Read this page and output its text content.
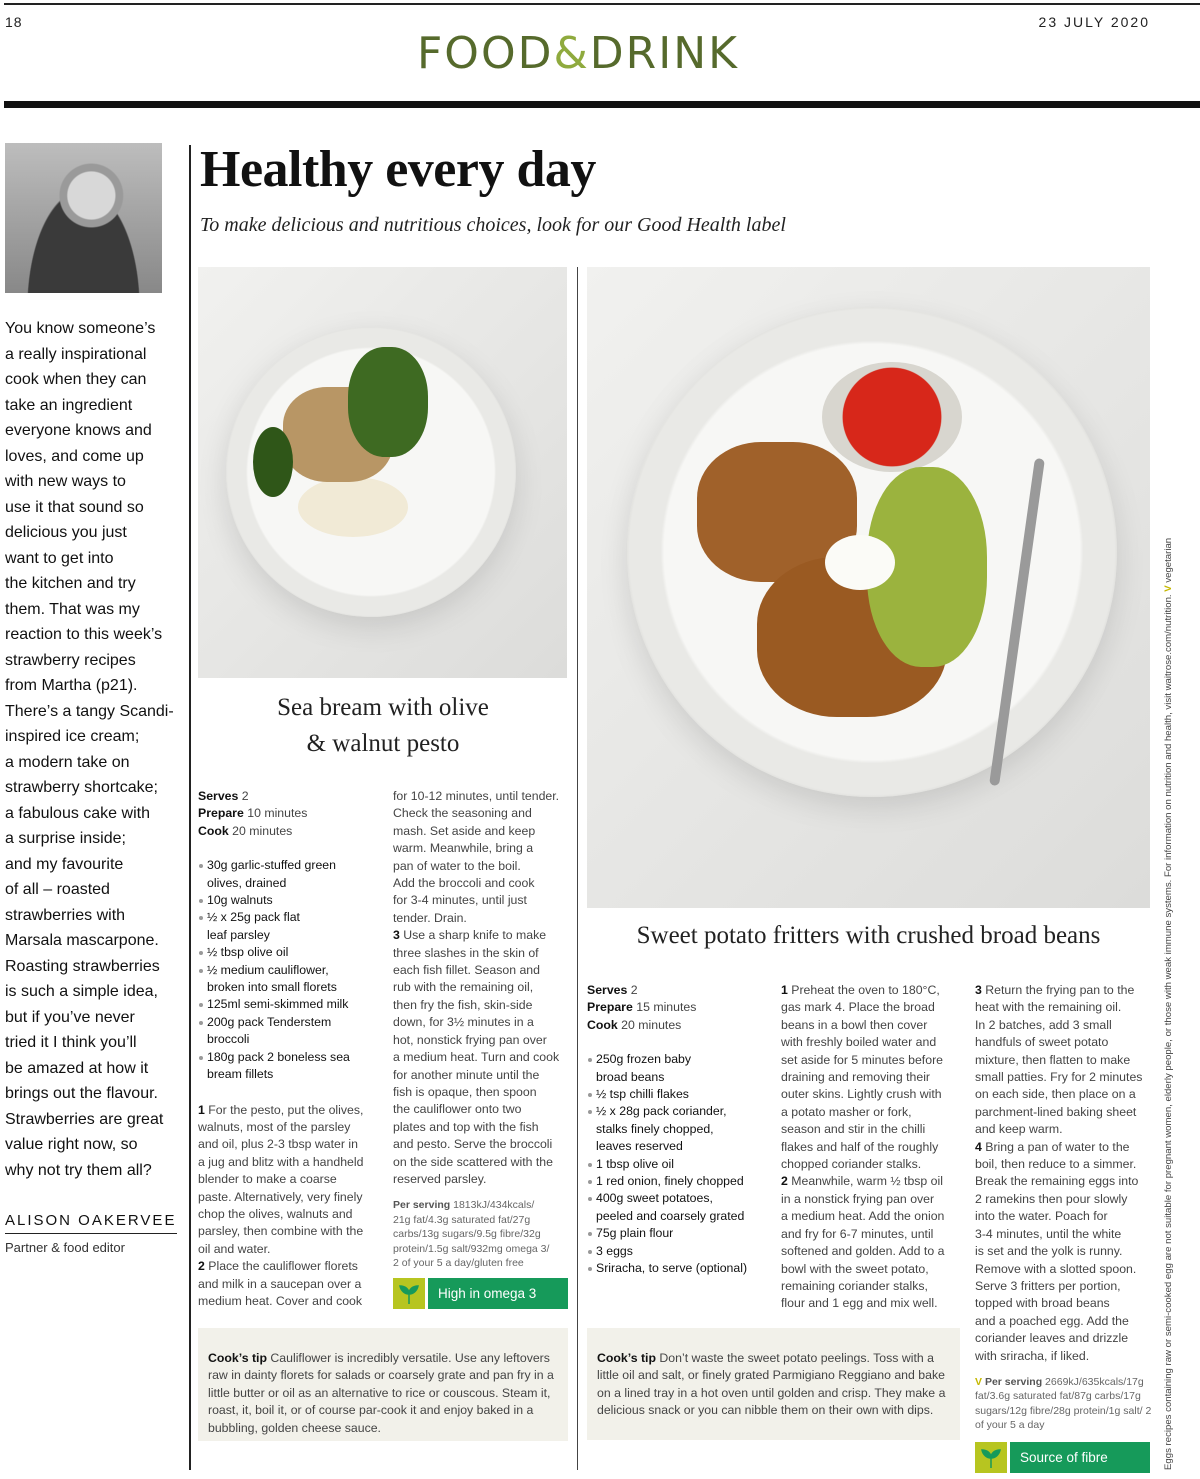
18	23 JULY 2020
FOOD&DRINK
You know someone’s
a really inspirational
cook when they can
take an ingredient
everyone knows and
loves, and come up
with new ways to
use it that sound so
delicious you just
want to get into
the kitchen and try
them. That was my
reaction to this week’s
strawberry recipes
from Martha (p21).
There’s a tangy Scandi-
inspired ice cream;
a modern take on
strawberry shortcake;
a fabulous cake with
a surprise inside;
and my favourite
of all – roasted
strawberries with
Marsala mascarpone.
Roasting strawberries
is such a simple idea,
but if you’ve never
tried it I think you’ll
be amazed at how it
brings out the flavour.
Strawberries are great
value right now, so
why not try them all?
ALISON OAKERVEE
Partner & food editor
Healthy every day
To make delicious and nutritious choices, look for our Good Health label
Sea bream with olive
& walnut pesto
Serves 2
Prepare 10 minutes
Cook 20 minutes
30g garlic-stuffed green
olives, drained
10g walnuts
½ x 25g pack flat
leaf parsley
½ tbsp olive oil
½ medium cauliflower,
broken into small florets
125ml semi-skimmed milk
200g pack Tenderstem
broccoli
180g pack 2 boneless sea
bream fillets
1 For the pesto, put the olives,
walnuts, most of the parsley
and oil, plus 2-3 tbsp water in
a jug and blitz with a handheld
blender to make a coarse
paste. Alternatively, very finely
chop the olives, walnuts and
parsley, then combine with the
oil and water.
2 Place the cauliflower florets
and milk in a saucepan over a
medium heat. Cover and cook
for 10-12 minutes, until tender.
Check the seasoning and
mash. Set aside and keep
warm. Meanwhile, bring a
pan of water to the boil.
Add the broccoli and cook
for 3-4 minutes, until just
tender. Drain.
3 Use a sharp knife to make
three slashes in the skin of
each fish fillet. Season and
rub with the remaining oil,
then fry the fish, skin-side
down, for 3½ minutes in a
hot, nonstick frying pan over
a medium heat. Turn and cook
for another minute until the
fish is opaque, then spoon
the cauliflower onto two
plates and top with the fish
and pesto. Serve the broccoli
on the side scattered with the
reserved parsley.
Per serving 1813kJ/434kcals/ 21g fat/4.3g saturated fat/27g carbs/13g sugars/9.5g fibre/32g protein/1.5g salt/932mg omega 3/ 2 of your 5 a day/gluten free
High in omega 3
Cook’s tip Cauliflower is incredibly versatile. Use any leftovers raw in dainty florets for salads or coarsely grate and pan fry in a little butter or oil as an alternative to rice or couscous. Steam it, roast, it, boil it, or of course par-cook it and enjoy baked in a bubbling, golden cheese sauce.
Sweet potato fritters with crushed broad beans
Serves 2
Prepare 15 minutes
Cook 20 minutes
250g frozen baby
broad beans
½ tsp chilli flakes
½ x 28g pack coriander,
stalks finely chopped,
leaves reserved
1 tbsp olive oil
1 red onion, finely chopped
400g sweet potatoes,
peeled and coarsely grated
75g plain flour
3 eggs
Sriracha, to serve (optional)
1 Preheat the oven to 180°C,
gas mark 4. Place the broad
beans in a bowl then cover
with freshly boiled water and
set aside for 5 minutes before
draining and removing their
outer skins. Lightly crush with
a potato masher or fork,
season and stir in the chilli
flakes and half of the roughly
chopped coriander stalks.
2 Meanwhile, warm ½ tbsp oil
in a nonstick frying pan over
a medium heat. Add the onion
and fry for 6-7 minutes, until
softened and golden. Add to a
bowl with the sweet potato,
remaining coriander stalks,
flour and 1 egg and mix well.
3 Return the frying pan to the
heat with the remaining oil.
In 2 batches, add 3 small
handfuls of sweet potato
mixture, then flatten to make
small patties. Fry for 2 minutes
on each side, then place on a
parchment-lined baking sheet
and keep warm.
4 Bring a pan of water to the
boil, then reduce to a simmer.
Break the remaining eggs into
2 ramekins then pour slowly
into the water. Poach for
3-4 minutes, until the white
is set and the yolk is runny.
Remove with a slotted spoon.
Serve 3 fritters per portion,
topped with broad beans
and a poached egg. Add the
coriander leaves and drizzle
with sriracha, if liked.
V Per serving 2669kJ/635kcals/17g fat/3.6g saturated fat/87g carbs/17g sugars/12g fibre/28g protein/1g salt/ 2 of your 5 a day
Source of fibre
Cook’s tip Don’t waste the sweet potato peelings. Toss with a little oil and salt, or finely grated Parmigiano Reggiano and bake on a lined tray in a hot oven until golden and crisp. They make a delicious snack or you can nibble them on their own with dips.	Eggs recipes containing raw or semi-cooked egg are not suitable for pregnant women, elderly people, or those with weak immune systems. For information on nutrition and health, visit waitrose.com/nutrition. V vegetarian
